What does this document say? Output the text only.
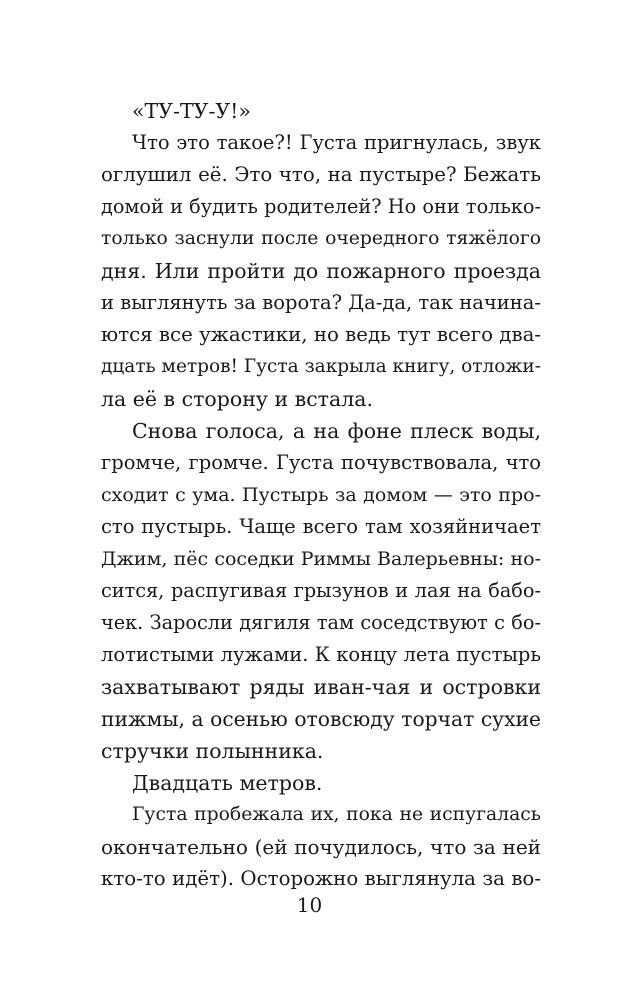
«ТУ-ТУ-У!»
Что это такое?! Густа пригнулась, звук
оглушил её. Это что, на пустыре? Бежать
домой и будить родителей? Но они только-
только заснули после очередного тяжёлого
дня. Или пройти до пожарного проезда
и выглянуть за ворота? Да-да, так начина-
ются все ужастики, но ведь тут всего два-
дцать метров! Густа закрыла книгу, отложи-
ла её в сторону и встала.
Снова голоса, а на фоне плеск воды,
громче, громче. Густа почувствовала, что
сходит с ума. Пустырь за домом — это про-
сто пустырь. Чаще всего там хозяйничает
Джим, пёс соседки Риммы Валерьевны: но-
сится, распугивая грызунов и лая на бабо-
чек. Заросли дягиля там соседствуют с бо-
лотистыми лужами. К концу лета пустырь
захватывают ряды иван-чая и островки
пижмы, а осенью отовсюду торчат сухие
стручки полынника.
Двадцать метров.
Густа пробежала их, пока не испугалась
окончательно (ей почудилось, что за ней
кто-то идёт). Осторожно выглянула за во-
10
